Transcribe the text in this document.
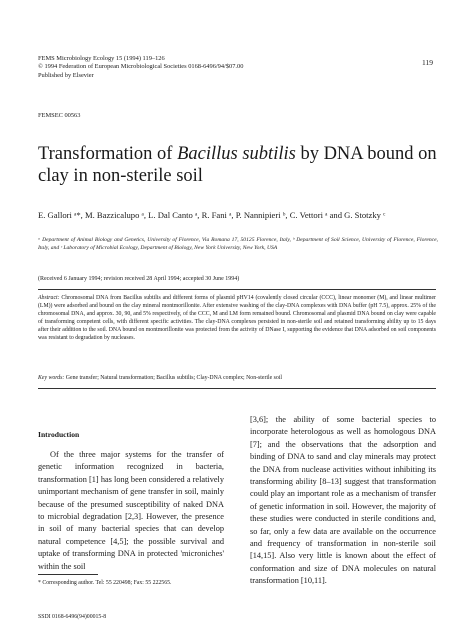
FEMS Microbiology Ecology 15 (1994) 119–126
© 1994 Federation of European Microbiological Societies 0168-6496/94/$07.00
Published by Elsevier
119
FEMSEC 00563
Transformation of Bacillus subtilis by DNA bound on clay in non-sterile soil
E. Gallori ᵃ*, M. Bazzicalupo ᵃ, L. Dal Canto ᵃ, R. Fani ᵃ, P. Nannipieri ᵇ, C. Vettori ᵃ and G. Stotzky ᶜ
ᵃ Department of Animal Biology and Genetics, University of Florence, Via Romana 17, 50125 Florence, Italy, ᵇ Department of Soil Science, University of Florence, Florence, Italy, and ᶜ Laboratory of Microbial Ecology, Department of Biology, New York University, New York, USA
(Received 6 January 1994; revision received 28 April 1994; accepted 30 June 1994)
Abstract: Chromosomal DNA from Bacillus subtilis and different forms of plasmid pHV14 (covalently closed circular (CCC), linear monomer (M), and linear multimer (LM)) were adsorbed and bound on the clay mineral montmorillonite. After extensive washing of the clay-DNA complexes with DNA buffer (pH 7.5), approx. 25% of the chromosomal DNA, and approx. 30, 90, and 5% respectively, of the CCC, M and LM form remained bound. Chromosomal and plasmid DNA bound on clay were capable of transforming competent cells, with different specific activities. The clay-DNA complexes persisted in non-sterile soil and retained transforming ability up to 15 days after their addition to the soil. DNA bound on montmorillonite was protected from the activity of DNase I, supporting the evidence that DNA adsorbed on soil components was resistant to degradation by nucleases.
Key words: Gene transfer; Natural transformation; Bacillus subtilis; Clay-DNA complex; Non-sterile soil
Introduction
Of the three major systems for the transfer of genetic information recognized in bacteria, transformation [1] has long been considered a relatively unimportant mechanism of gene transfer in soil, mainly because of the presumed susceptibility of naked DNA to microbial degradation [2,3]. However, the presence in soil of many bacterial species that can develop natural competence [4,5]; the possible survival and uptake of transforming DNA in protected 'microniches' within the soil
[3,6]; the ability of some bacterial species to incorporate heterologous as well as homologous DNA [7]; and the observations that the adsorption and binding of DNA to sand and clay minerals may protect the DNA from nuclease activities without inhibiting its transforming ability [8–13] suggest that transformation could play an important role as a mechanism of transfer of genetic information in soil. However, the majority of these studies were conducted in sterile conditions and, so far, only a few data are available on the occurrence and frequency of transformation in non-sterile soil [14,15]. Also very little is known about the effect of conformation and size of DNA molecules on natural transformation [10,11].
* Corresponding author. Tel: 55 220498; Fax: 55 222565.
SSDI 0168-6496(94)00015-8
